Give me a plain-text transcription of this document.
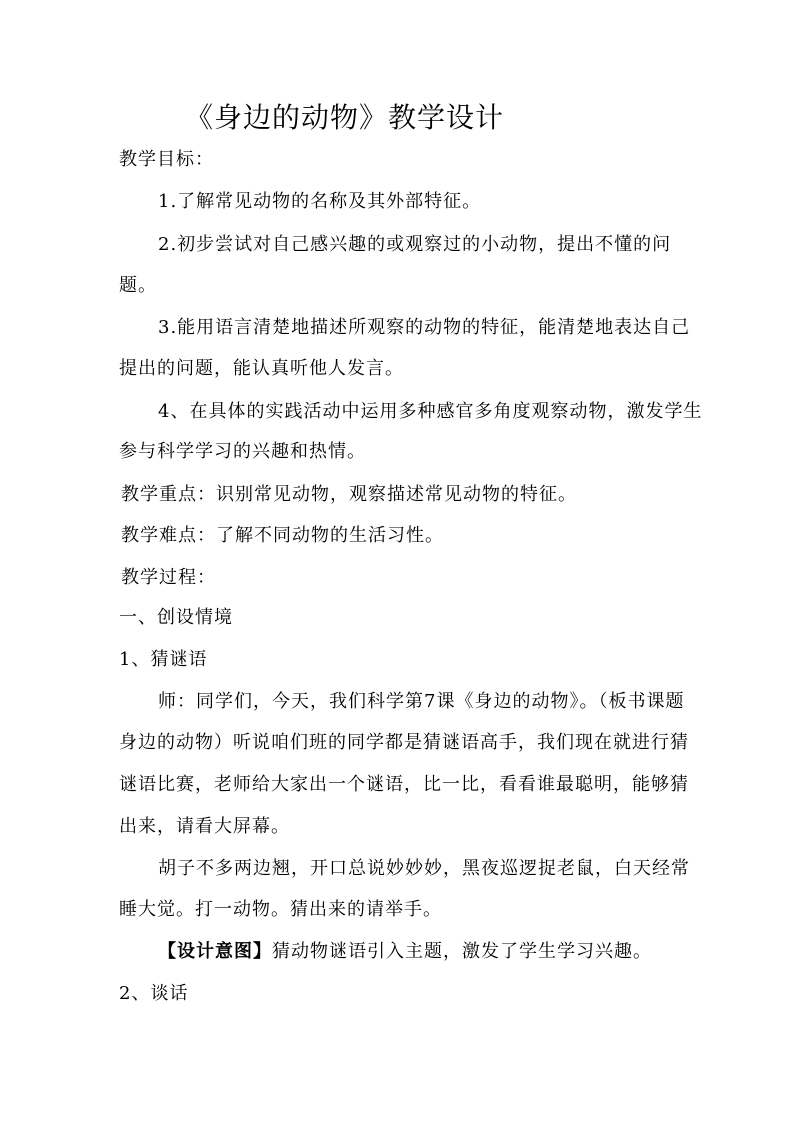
《身边的动物》教学设计
教学目标：
1.了解常见动物的名称及其外部特征。
2.初步尝试对自己感兴趣的或观察过的小动物，提出不懂的问
题。
3.能用语言清楚地描述所观察的动物的特征，能清楚地表达自己
提出的问题，能认真听他人发言。
4、在具体的实践活动中运用多种感官多角度观察动物，激发学生
参与科学学习的兴趣和热情。
教学重点：识别常见动物，观察描述常见动物的特征。
教学难点：了解不同动物的生活习性。
教学过程：
一、创设情境
1、猜谜语
师：同学们，今天，我们科学第7课《身边的动物》。（板书课题
身边的动物）听说咱们班的同学都是猜谜语高手，我们现在就进行猜
谜语比赛，老师给大家出一个谜语，比一比，看看谁最聪明，能够猜
出来，请看大屏幕。
胡子不多两边翘，开口总说妙妙妙，黑夜巡逻捉老鼠，白天经常
睡大觉。打一动物。猜出来的请举手。
【设计意图】猜动物谜语引入主题，激发了学生学习兴趣。
2、谈话
